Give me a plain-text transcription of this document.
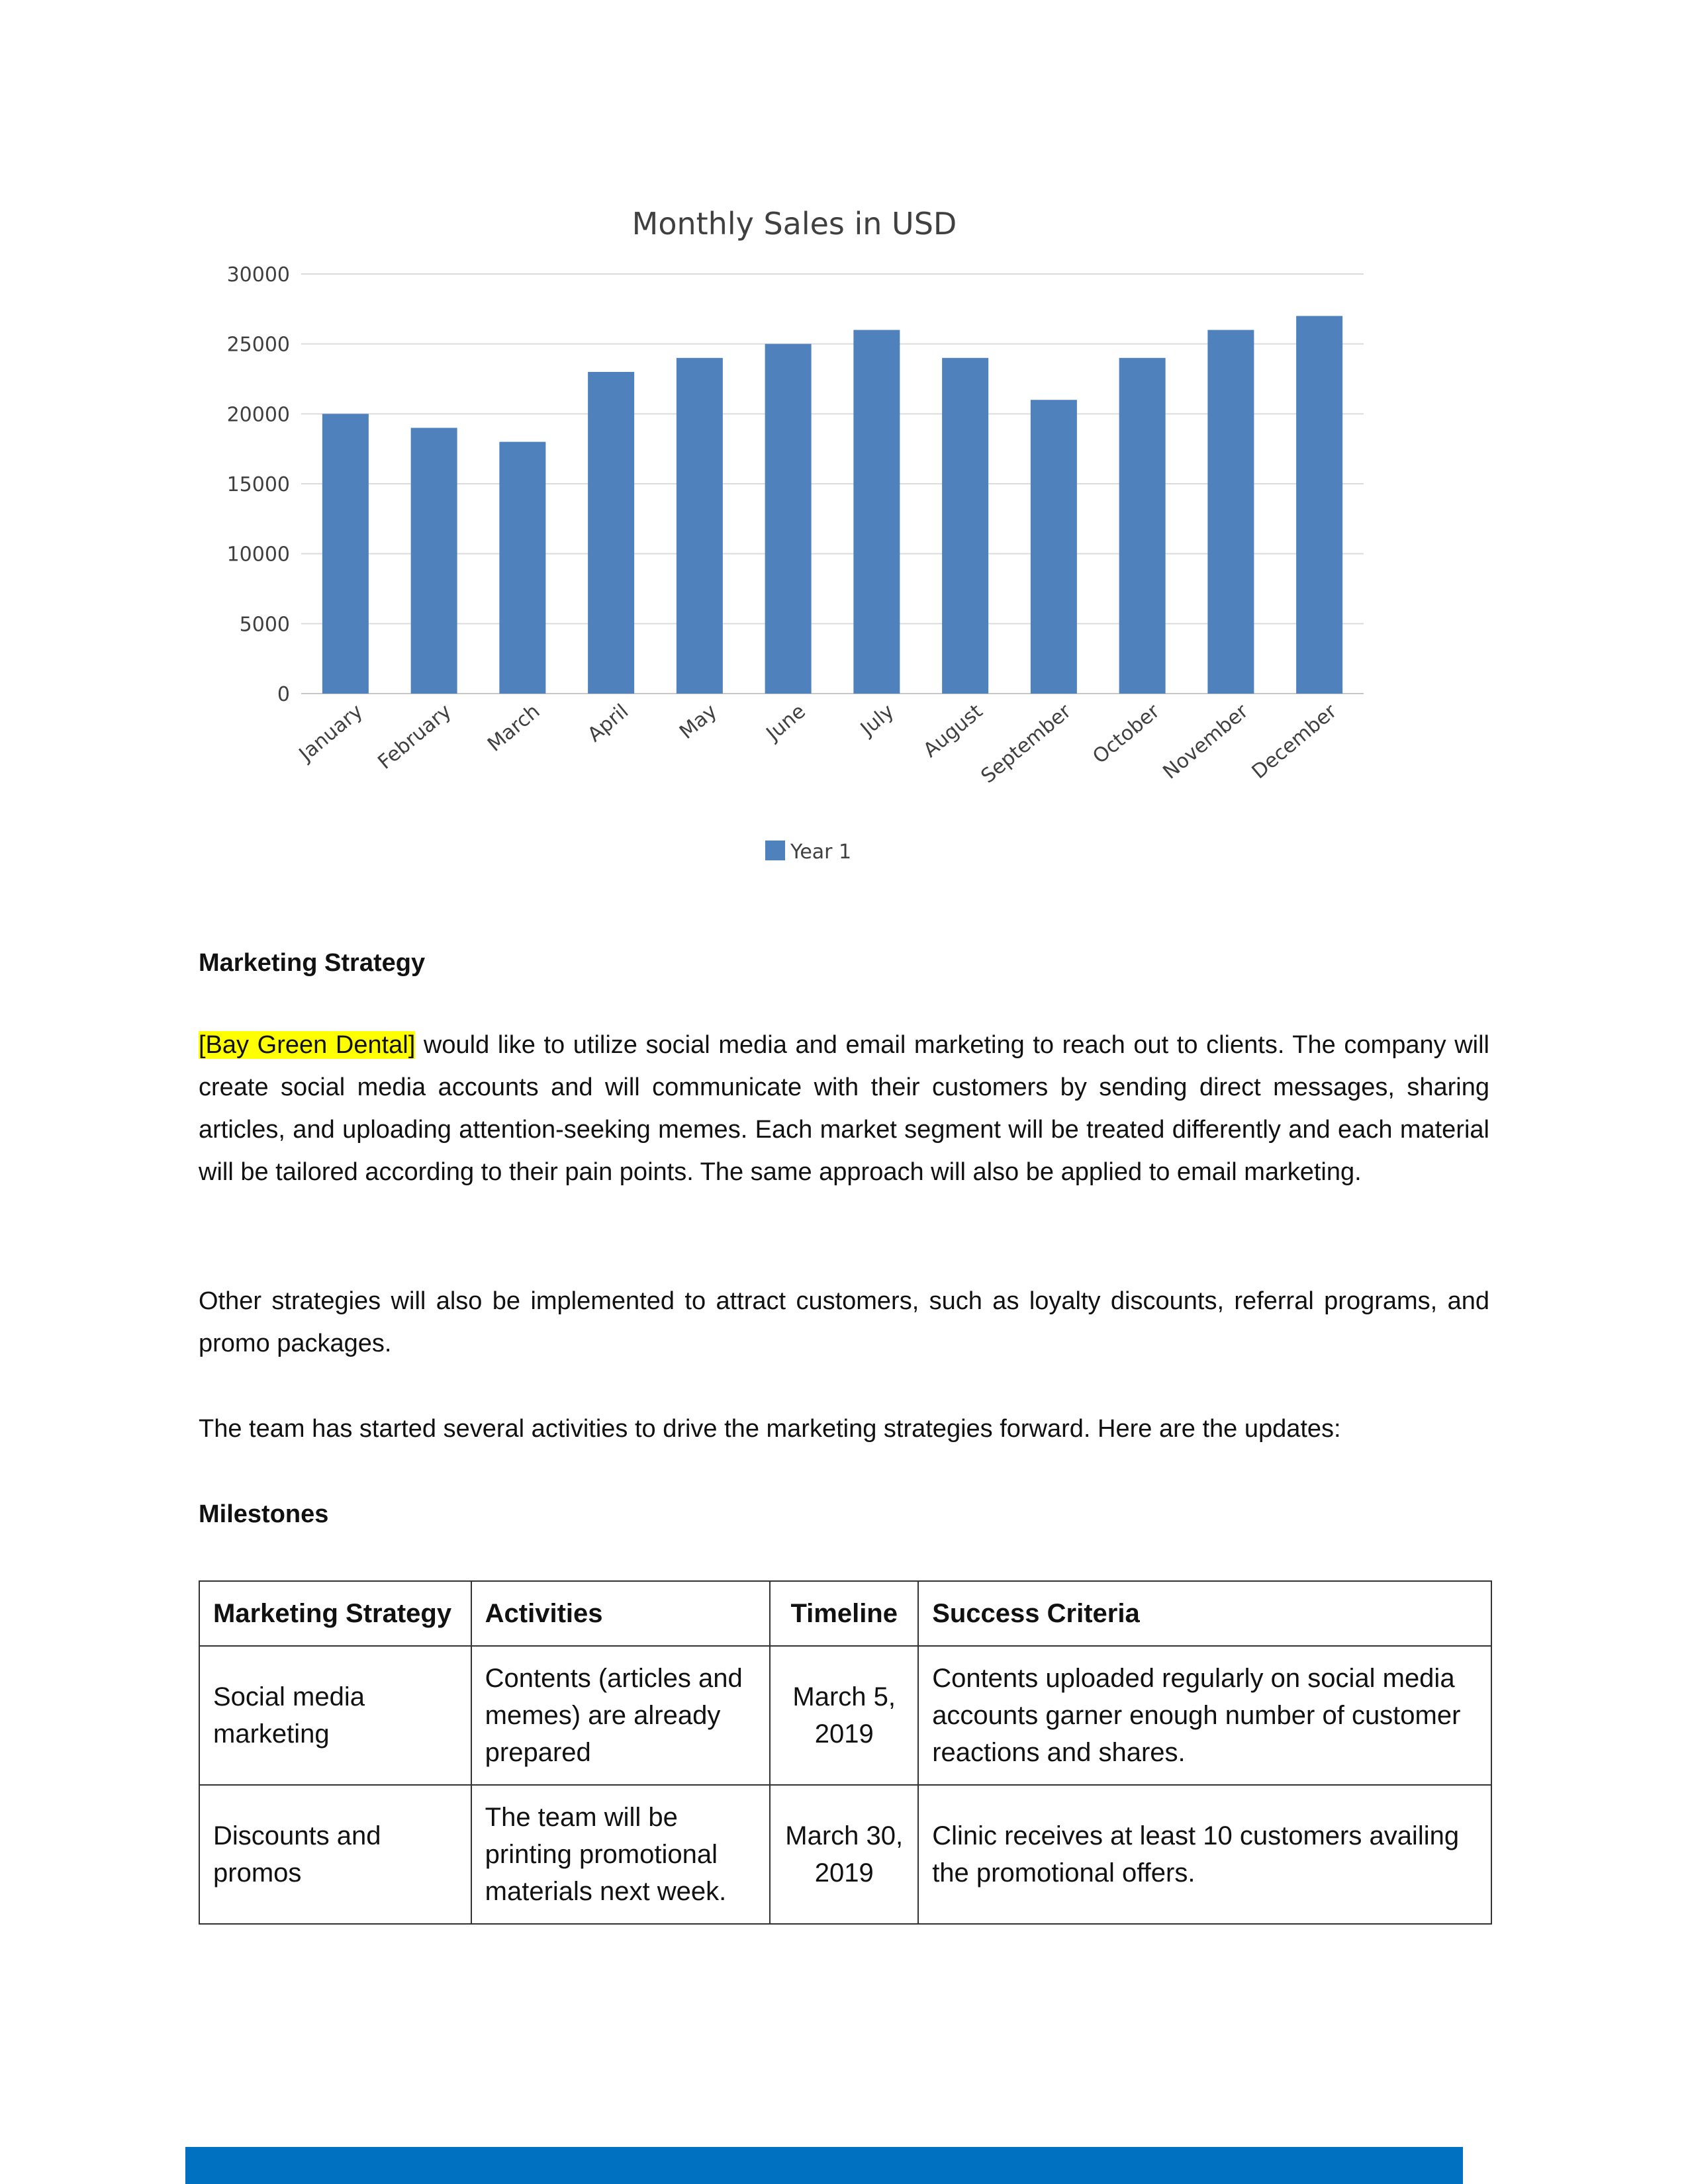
Monthly Sales in USD
0
5000
10000
15000
20000
25000
30000
January February March April May June July August
September October
November
December
Year 1

Marketing Strategy

[Bay Green Dental] would like to utilize social media and email marketing to reach out to clients. The company will create social media accounts and will communicate with their customers by sending direct messages, sharing articles, and uploading attention-seeking memes. Each market segment will be treated differently and each material will be tailored according to their pain points. The same approach will also be applied to email marketing.

Other strategies will also be implemented to attract customers, such as loyalty discounts, referral programs, and promo packages.

The team has started several activities to drive the marketing strategies forward. Here are the updates:

Milestones

Marketing Strategy	Activities	Timeline	Success Criteria
Social media marketing	Contents (articles and memes) are already prepared	March 5, 2019	Contents uploaded regularly on social media accounts garner enough number of customer reactions and shares.
Discounts and promos	The team will be printing promotional materials next week.	March 30, 2019	Clinic receives at least 10 customers availing the promotional offers.
